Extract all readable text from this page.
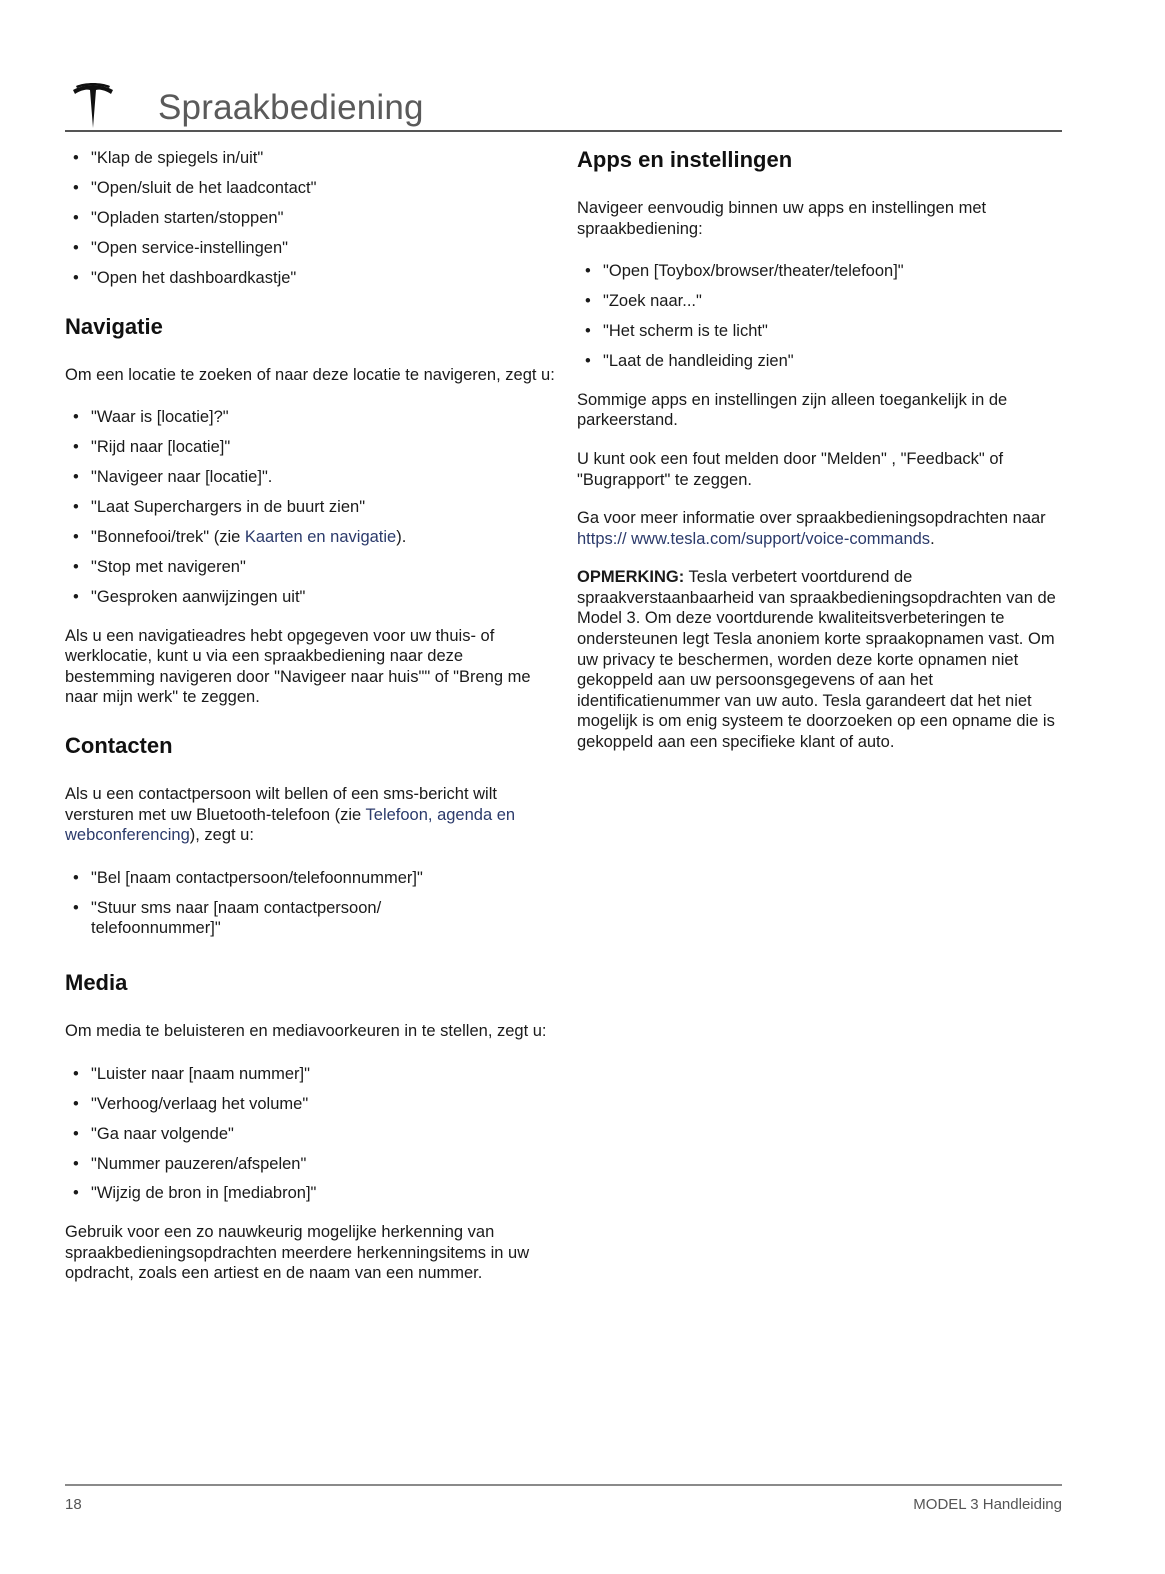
Spraakbediening
• "Klap de spiegels in/uit"
• "Open/sluit de het laadcontact"
• "Opladen starten/stoppen"
• "Open service-instellingen"
• "Open het dashboardkastje"
Navigatie

Om een locatie te zoeken of naar deze locatie te navigeren, zegt u:

• "Waar is [locatie]?"
• "Rijd naar [locatie]"
• "Navigeer naar [locatie]".
• "Laat Superchargers in de buurt zien"
• "Bonnefooi/trek" (zie Kaarten en navigatie).
• "Stop met navigeren"
• "Gesproken aanwijzingen uit"

Als u een navigatieadres hebt opgegeven voor uw thuis- of werklocatie, kunt u via een spraakbediening naar deze bestemming navigeren door "Navigeer naar huis"" of "Breng me naar mijn werk" te zeggen.

Contacten

Als u een contactpersoon wilt bellen of een sms-bericht wilt versturen met uw Bluetooth-telefoon (zie Telefoon, agenda en webconferencing), zegt u:

• "Bel [naam contactpersoon/telefoonnummer]"
• "Stuur sms naar [naam contactpersoon/ telefoonnummer]"
Media

Om media te beluisteren en mediavoorkeuren in te stellen, zegt u:

• "Luister naar [naam nummer]"
• "Verhoog/verlaag het volume"
• "Ga naar volgende"
• "Nummer pauzeren/afspelen"
• "Wijzig de bron in [mediabron]"

Gebruik voor een zo nauwkeurig mogelijke herkenning van spraakbedieningsopdrachten meerdere herkenningsitems in uw opdracht, zoals een artiest en de naam van een nummer.

Apps en instellingen

Navigeer eenvoudig binnen uw apps en instellingen met spraakbediening:

• "Open [Toybox/browser/theater/telefoon]"
• "Zoek naar..."
• "Het scherm is te licht"
• "Laat de handleiding zien"

Sommige apps en instellingen zijn alleen toegankelijk in de parkeerstand.

U kunt ook een fout melden door "Melden" , "Feedback" of "Bugrapport" te zeggen.

Ga voor meer informatie over spraakbedieningsopdrachten naar https:// www.tesla.com/support/voice-commands.

OPMERKING: Tesla verbetert voortdurend de spraakverstaanbaarheid van spraakbedieningsopdrachten van de Model 3. Om deze voortdurende kwaliteitsverbeteringen te ondersteunen legt Tesla anoniem korte spraakopnamen vast. Om uw privacy te beschermen, worden deze korte opnamen niet gekoppeld aan uw persoonsgegevens of aan het identificatienummer van uw auto. Tesla garandeert dat het niet mogelijk is om enig systeem te doorzoeken op een opname die is gekoppeld aan een specifieke klant of auto.

18	MODEL 3 Handleiding
